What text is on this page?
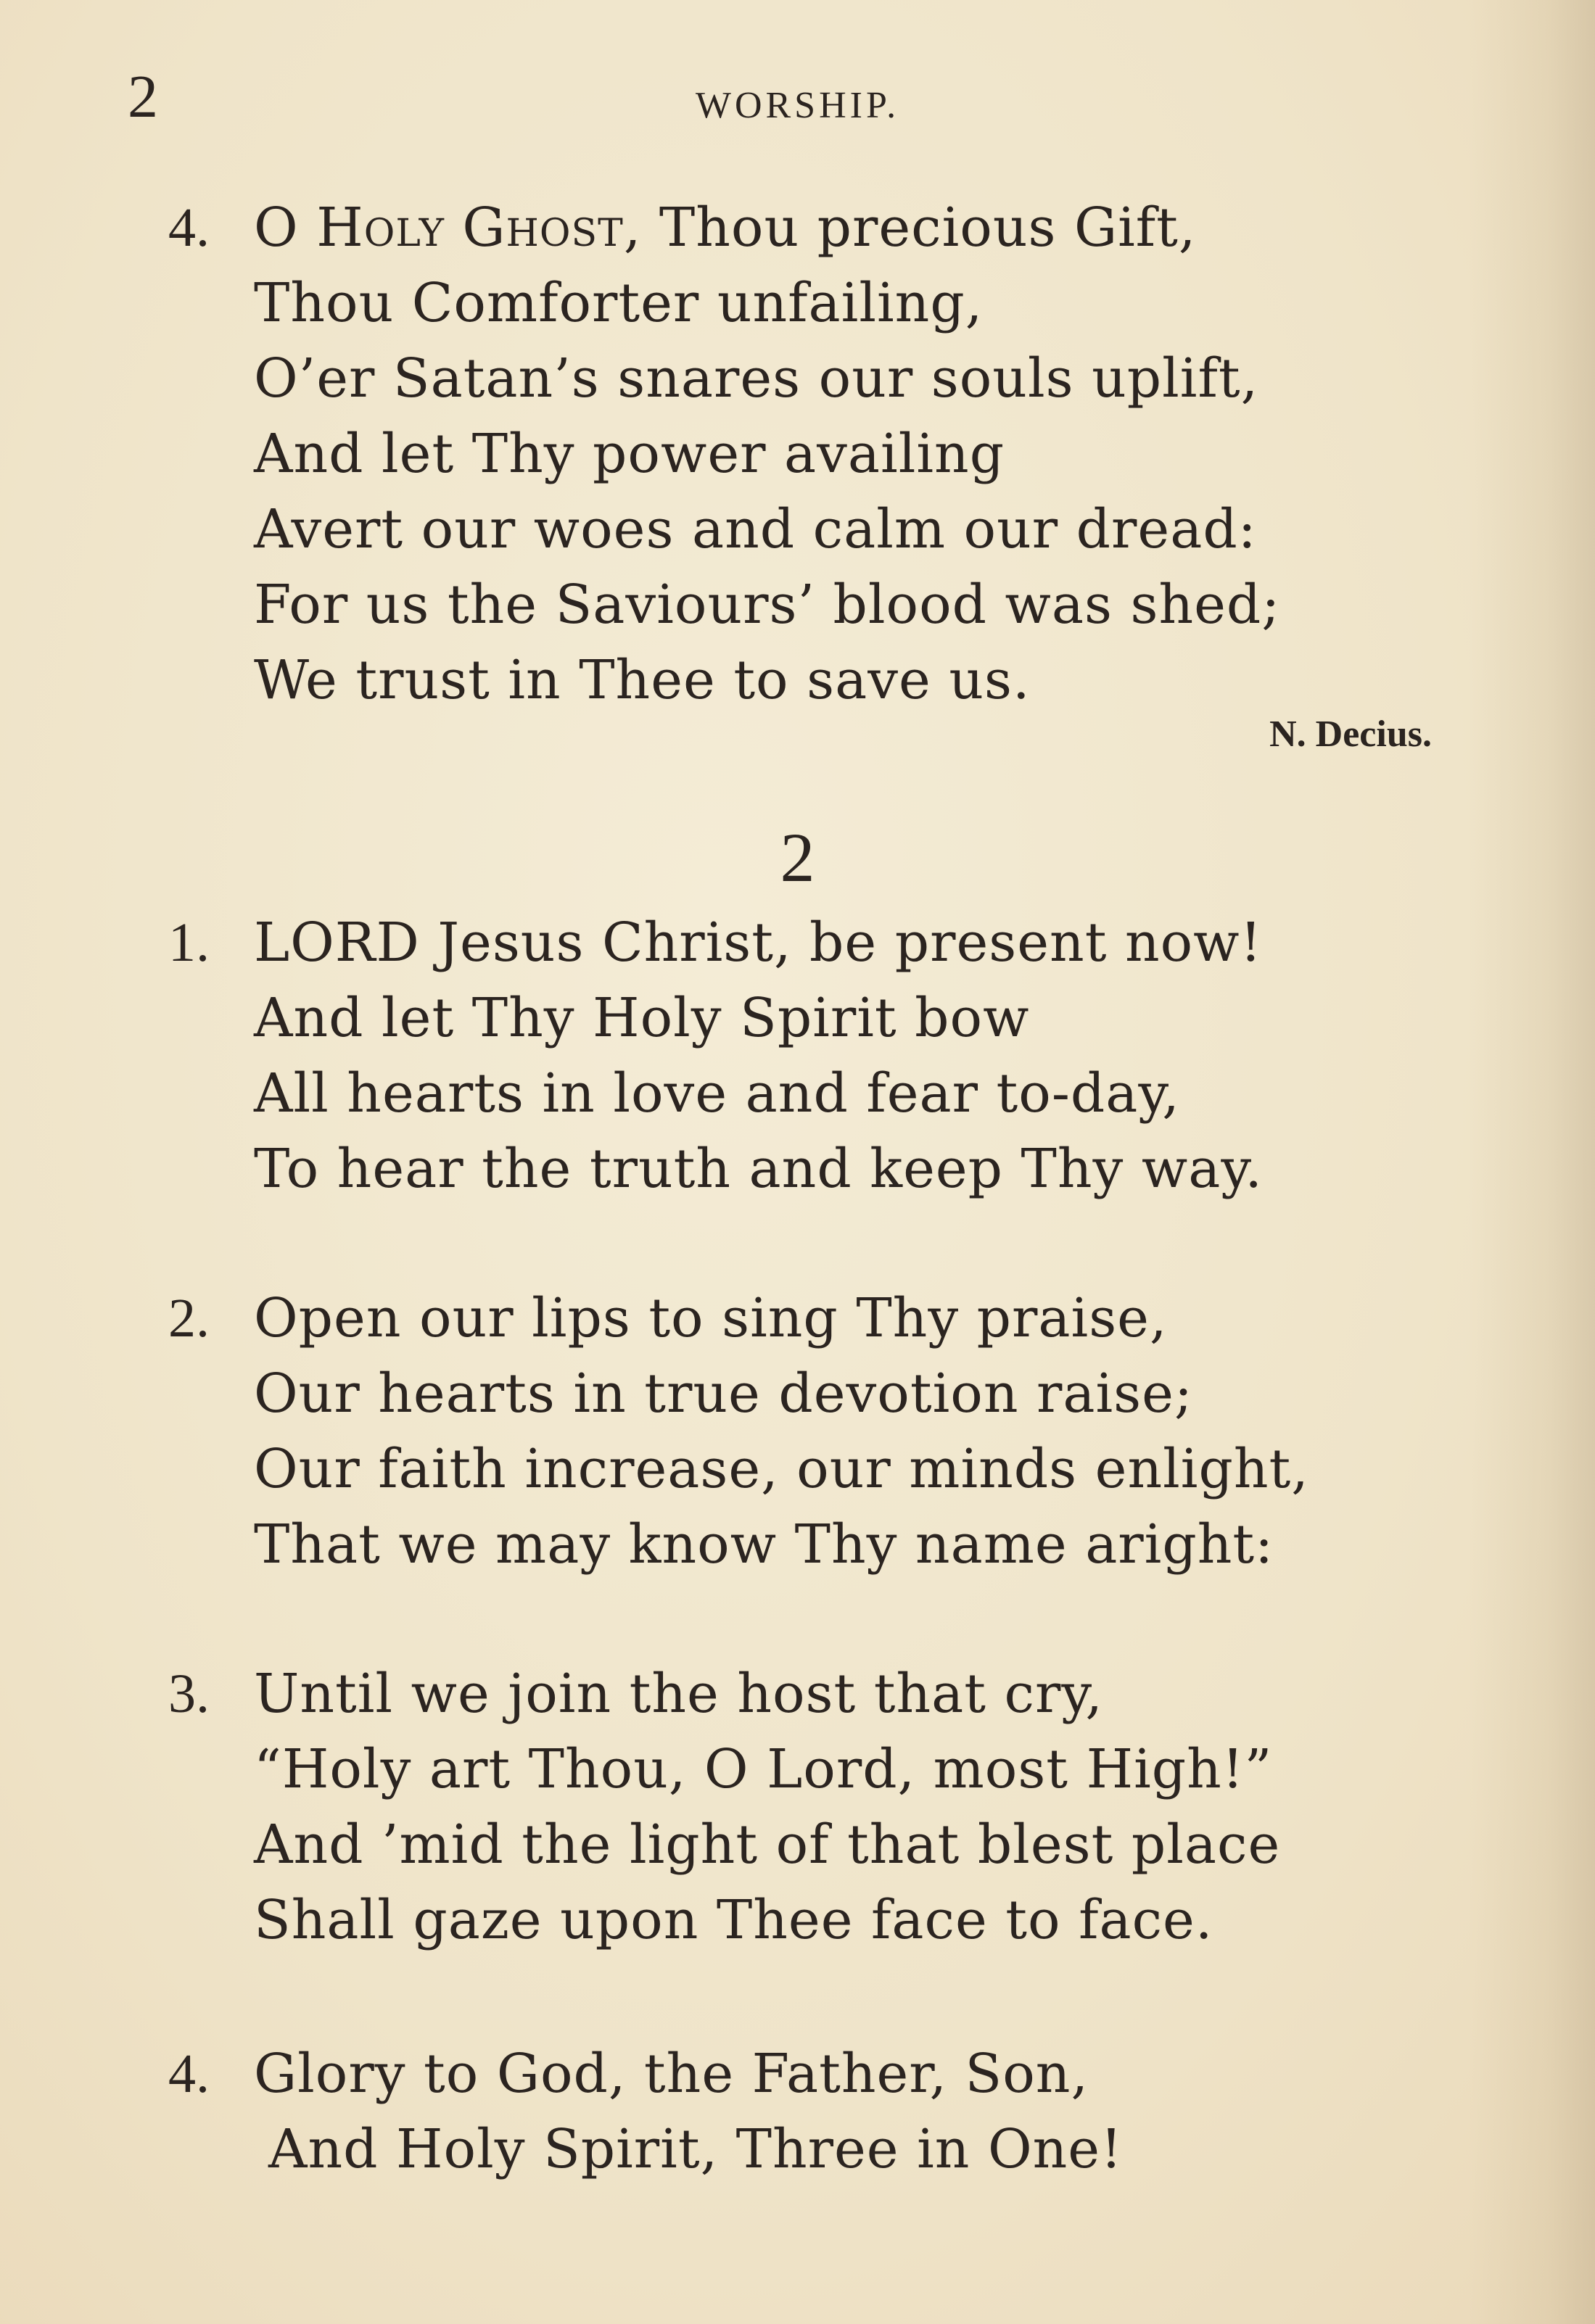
2	WORSHIP.
4. O Holy Ghost, Thou precious Gift,
Thou Comforter unfailing,
O’er Satan’s snares our souls uplift,
And let Thy power availing
Avert our woes and calm our dread:
For us the Saviours’ blood was shed;
We trust in Thee to save us.
N. Decius.
2
1. LORD Jesus Christ, be present now!
And let Thy Holy Spirit bow
All hearts in love and fear to-day,
To hear the truth and keep Thy way.
2. Open our lips to sing Thy praise,
Our hearts in true devotion raise;
Our faith increase, our minds enlight,
That we may know Thy name aright:
3. Until we join the host that cry,
“Holy art Thou, O Lord, most High!”
And ’mid the light of that blest place
Shall gaze upon Thee face to face.
4. Glory to God, the Father, Son,
And Holy Spirit, Three in One!
